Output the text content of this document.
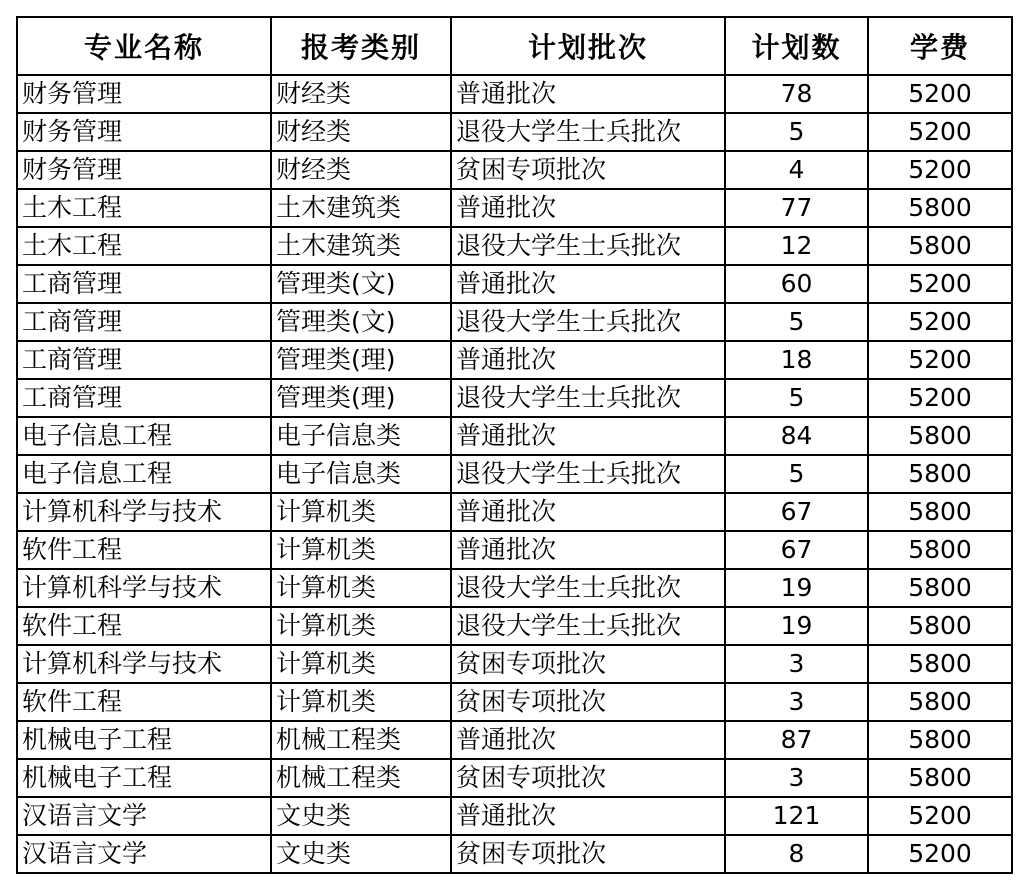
专业名称	报考类别	计划批次	计划数	学费
财务管理	财经类	普通批次	78	5200
财务管理	财经类	退役大学生士兵批次	5	5200
财务管理	财经类	贫困专项批次	4	5200
土木工程	土木建筑类	普通批次	77	5800
土木工程	土木建筑类	退役大学生士兵批次	12	5800
工商管理	管理类(文)	普通批次	60	5200
工商管理	管理类(文)	退役大学生士兵批次	5	5200
工商管理	管理类(理)	普通批次	18	5200
工商管理	管理类(理)	退役大学生士兵批次	5	5200
电子信息工程	电子信息类	普通批次	84	5800
电子信息工程	电子信息类	退役大学生士兵批次	5	5800
计算机科学与技术	计算机类	普通批次	67	5800
软件工程	计算机类	普通批次	67	5800
计算机科学与技术	计算机类	退役大学生士兵批次	19	5800
软件工程	计算机类	退役大学生士兵批次	19	5800
计算机科学与技术	计算机类	贫困专项批次	3	5800
软件工程	计算机类	贫困专项批次	3	5800
机械电子工程	机械工程类	普通批次	87	5800
机械电子工程	机械工程类	贫困专项批次	3	5800
汉语言文学	文史类	普通批次	121	5200
汉语言文学	文史类	贫困专项批次	8	5200
